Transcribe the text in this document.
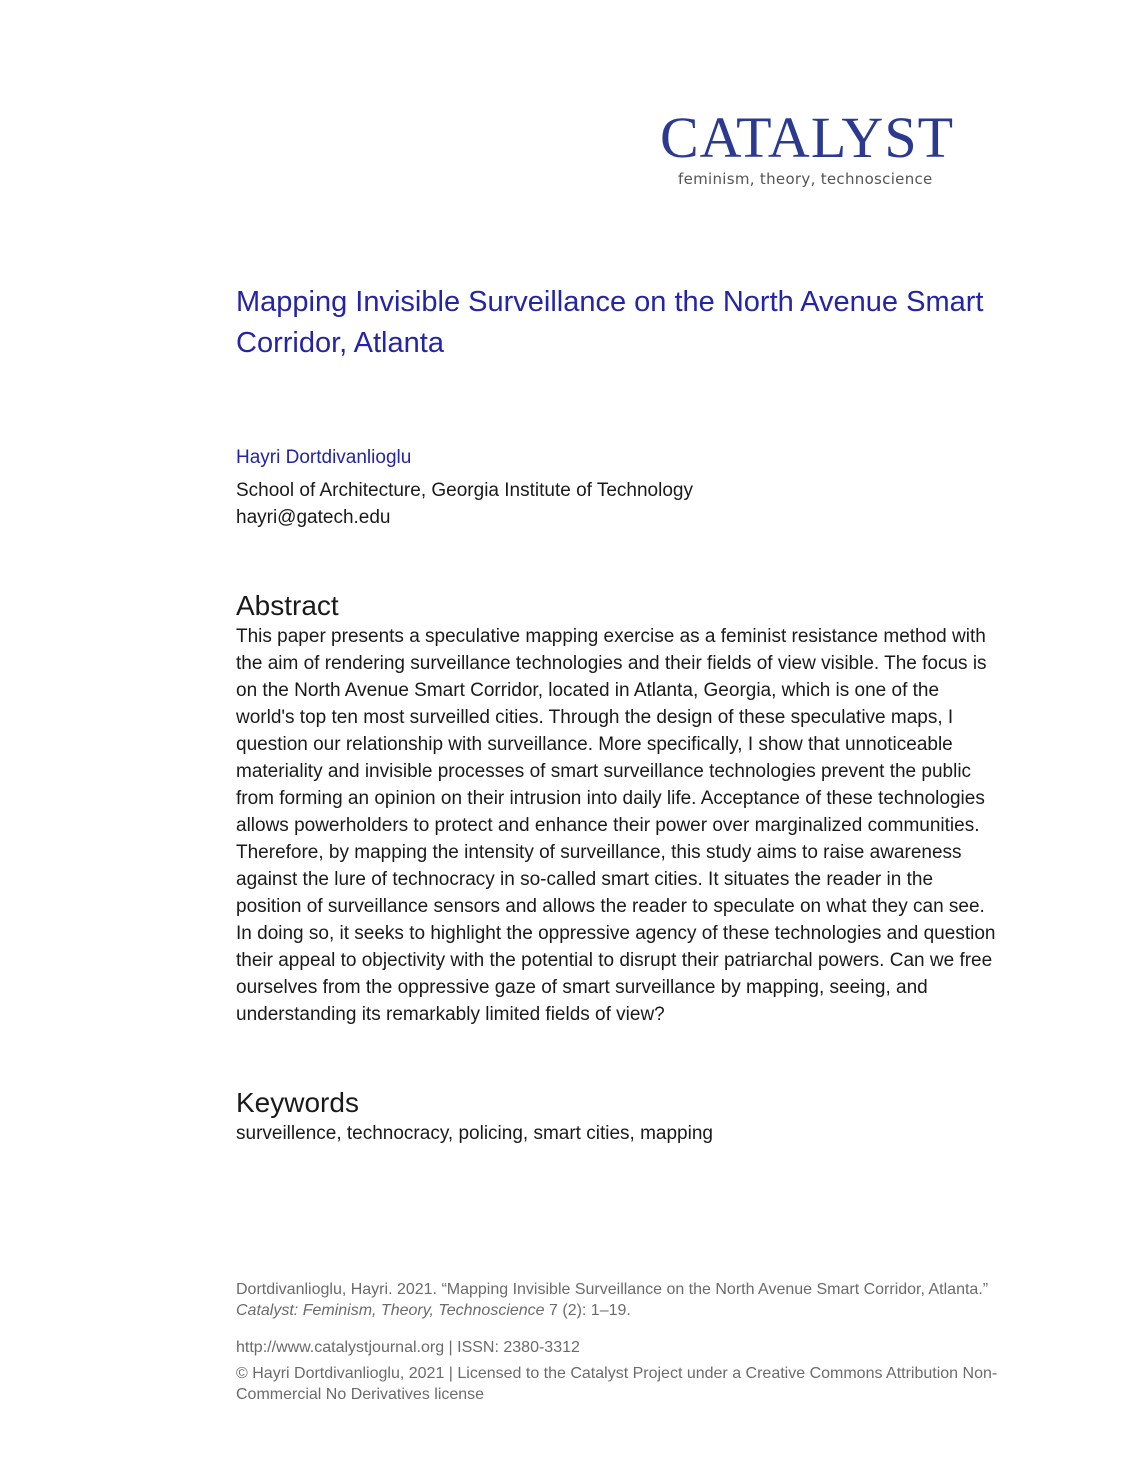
CATALYST
feminism, theory, technoscience
Mapping Invisible Surveillance on the North Avenue Smart Corridor, Atlanta
Hayri Dortdivanlioglu
School of Architecture, Georgia Institute of Technology
hayri@gatech.edu
Abstract

This paper presents a speculative mapping exercise as a feminist resistance method with the aim of rendering surveillance technologies and their fields of view visible. The focus is on the North Avenue Smart Corridor, located in Atlanta, Georgia, which is one of the world's top ten most surveilled cities. Through the design of these speculative maps, I question our relationship with surveillance. More specifically, I show that unnoticeable materiality and invisible processes of smart surveillance technologies prevent the public from forming an opinion on their intrusion into daily life. Acceptance of these technologies allows powerholders to protect and enhance their power over marginalized communities. Therefore, by mapping the intensity of surveillance, this study aims to raise awareness against the lure of technocracy in so-called smart cities. It situates the reader in the position of surveillance sensors and allows the reader to speculate on what they can see. In doing so, it seeks to highlight the oppressive agency of these technologies and question their appeal to objectivity with the potential to disrupt their patriarchal powers. Can we free ourselves from the oppressive gaze of smart surveillance by mapping, seeing, and understanding its remarkably limited fields of view?

Keywords
surveillence, technocracy, policing, smart cities, mapping

Dortdivanlioglu, Hayri. 2021. “Mapping Invisible Surveillance on the North Avenue Smart Corridor, Atlanta.” Catalyst: Feminism, Theory, Technoscience 7 (2): 1–19.

http://www.catalystjournal.org | ISSN: 2380-3312

© Hayri Dortdivanlioglu, 2021 | Licensed to the Catalyst Project under a Creative Commons Attribution Non-Commercial No Derivatives license
